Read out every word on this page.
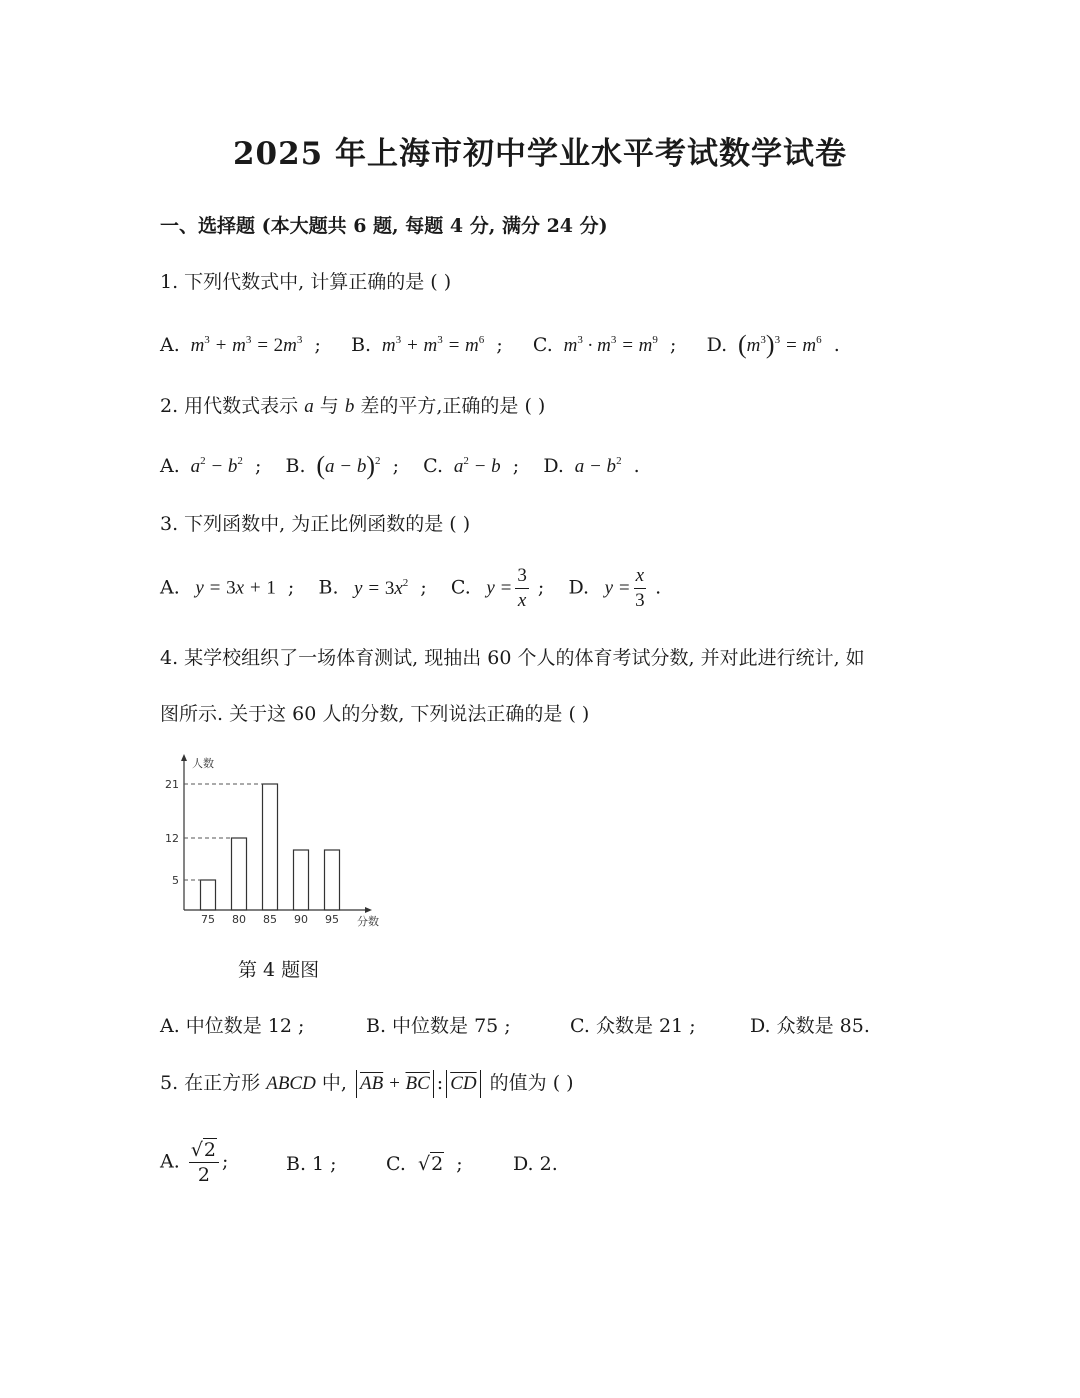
2025 年上海市初中学业水平考试数学试卷
一、选择题 (本大题共 6 题, 每题 4 分, 满分 24 分)
1. 下列代数式中, 计算正确的是 ( )
A.  $m^3 + m^3 = 2m^3$  ;     B.  $m^3 + m^3 = m^6$  ;     C.  $m^3 \cdot m^3 = m^9$  ;     D. $(m^3)^3 = m^6$  .
2. 用代数式表示 a 与 b 差的平方,正确的是 ( )
A.  $a^2 - b^2$  ;    B. $(a - b)^2$  ;    C.  $a^2 - b$  ;    D.  $a - b^2$  .
3. 下列函数中, 为正比例函数的是 ( )
A.   y = 3x + 1  ;    B.   $y = 3x^2$  ;    C.   $y = \frac{3}{x}$ ;    D.   $y = \frac{x}{3}$ .
4. 某学校组织了一场体育测试, 现抽出 60 个人的体育考试分数, 并对此进行统计, 如
图所示. 关于这 60 人的分数, 下列说法正确的是 ( )
人数
分数
75 80 85 90 95
5
12
21
第 4 题图
A. 中位数是 12 ;	B. 中位数是 75 ;	C. 众数是 21 ;	D. 众数是 85.
5. 在正方形 ABCD 中, $\overline{AB} + \overline{BC}$ : $\overline{CD}$ 的值为 ( )
A. $\frac{√2}{2}$ ;	B. 1 ;	C.  √2  ;	D. 2.
